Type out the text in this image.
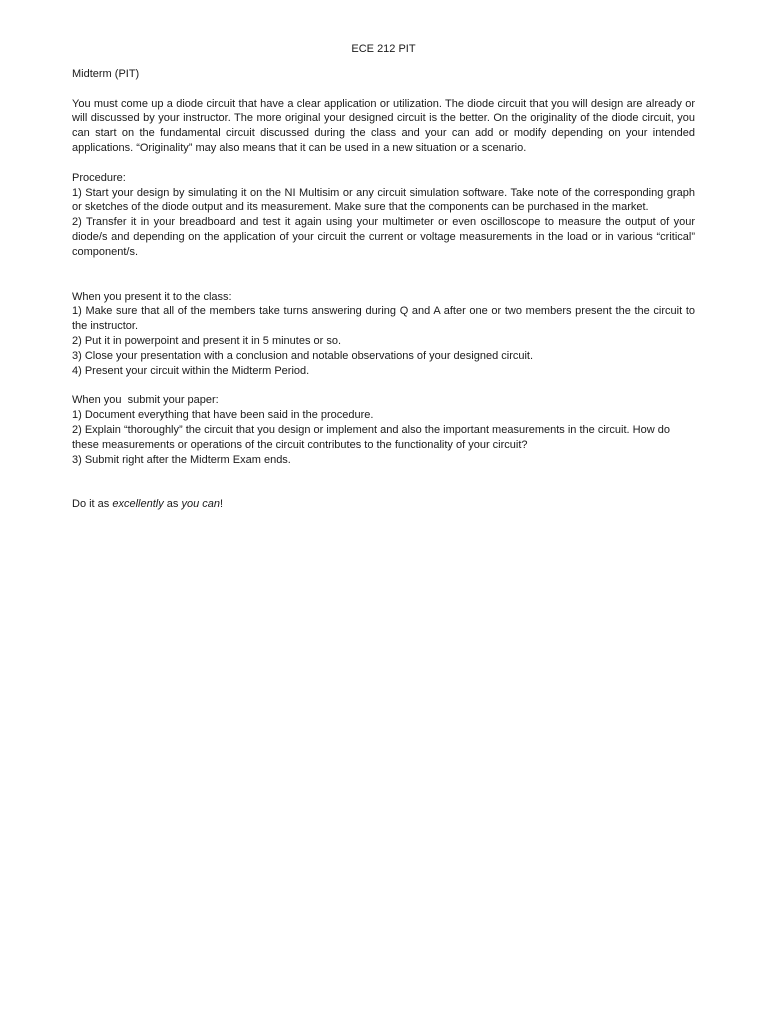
ECE 212 PIT

Midterm (PIT)

You must come up a diode circuit that have a clear application or utilization. The diode circuit that you will design are already or will discussed by your instructor. The more original your designed circuit is the better. On the originality of the diode circuit, you can start on the fundamental circuit discussed during the class and your can add or modify depending on your intended applications. “Originality” may also means that it can be used in a new situation or a scenario.

Procedure:

1) Start your design by simulating it on the NI Multisim or any circuit simulation software. Take note of the corresponding graph or sketches of the diode output and its measurement. Make sure that the components can be purchased in the market.
2) Transfer it in your breadboard and test it again using your multimeter or even oscilloscope to measure the output of your diode/s and depending on the application of your circuit the current or voltage measurements in the load or in various “critical” component/s.

When you present it to the class:

1) Make sure that all of the members take turns answering during Q and A after one or two members present the the circuit to the instructor.
2) Put it in powerpoint and present it in 5 minutes or so.
3) Close your presentation with a conclusion and notable observations of your designed circuit.
4) Present your circuit within the Midterm Period.

When you  submit your paper:

1) Document everything that have been said in the procedure.
2) Explain “thoroughly” the circuit that you design or implement and also the important measurements in the circuit. How do these measurements or operations of the circuit contributes to the functionality of your circuit?
3) Submit right after the Midterm Exam ends.

Do it as excellently as you can!
